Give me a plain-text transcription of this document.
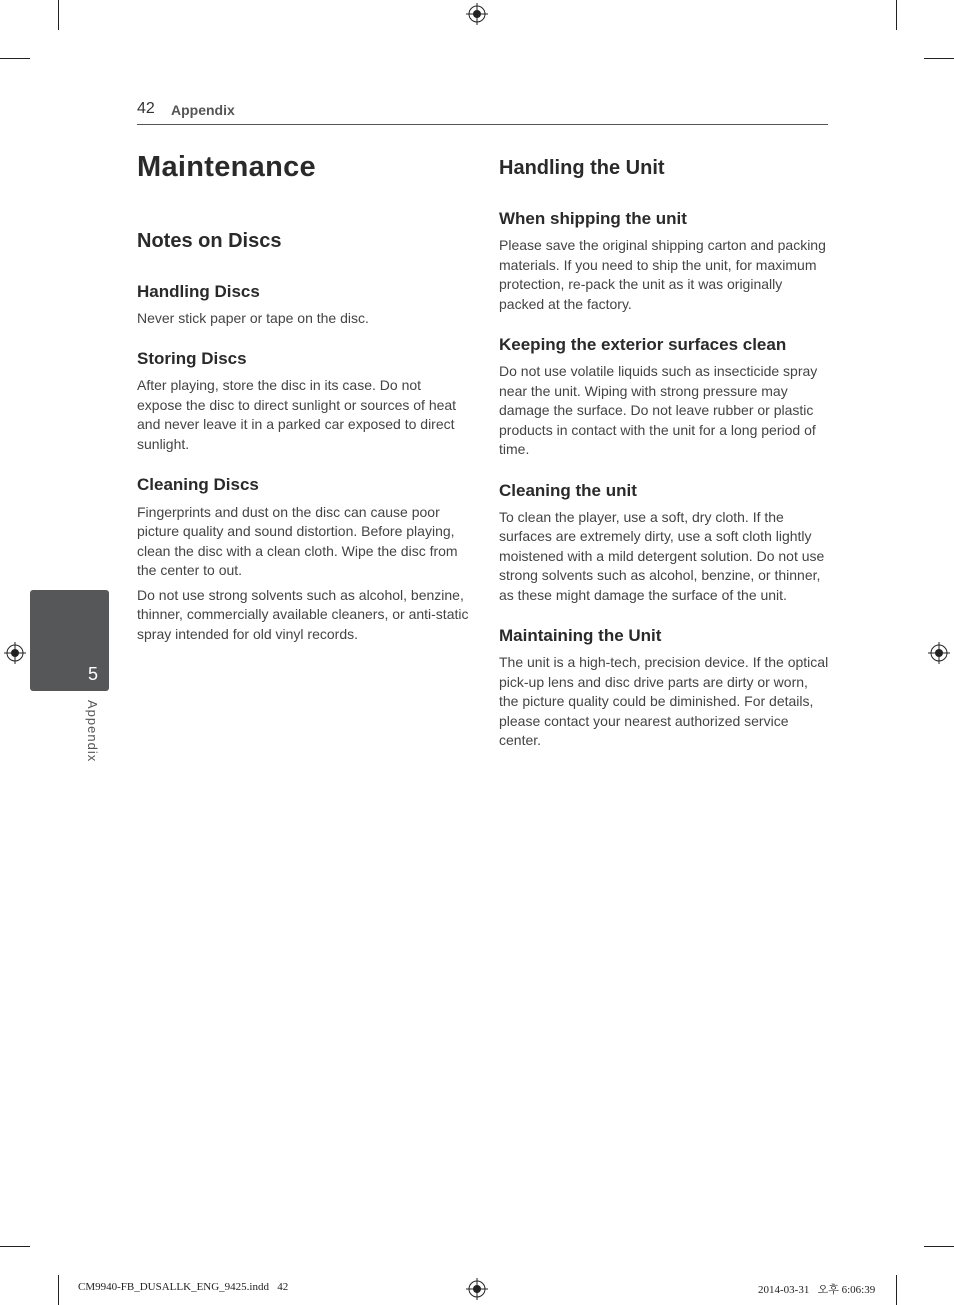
42 Appendix
5
Appendix
Maintenance
Notes on Discs
Handling Discs

Never stick paper or tape on the disc.

Storing Discs

After playing, store the disc in its case. Do not expose the disc to direct sunlight or sources of heat and never leave it in a parked car exposed to direct sunlight.

Cleaning Discs

Fingerprints and dust on the disc can cause poor picture quality and sound distortion. Before playing, clean the disc with a clean cloth. Wipe the disc from the center to out.

Do not use strong solvents such as alcohol, benzine, thinner, commercially available cleaners, or anti-static spray intended for old vinyl records.

Handling the Unit
When shipping the unit

Please save the original shipping carton and packing materials. If you need to ship the unit, for maximum protection, re-pack the unit as it was originally packed at the factory.

Keeping the exterior surfaces clean

Do not use volatile liquids such as insecticide spray near the unit. Wiping with strong pressure may damage the surface. Do not leave rubber or plastic products in contact with the unit for a long period of time.

Cleaning the unit

To clean the player, use a soft, dry cloth. If the surfaces are extremely dirty, use a soft cloth lightly moistened with a mild detergent solution. Do not use strong solvents such as alcohol, benzine, or thinner, as these might damage the surface of the unit.

Maintaining the Unit

The unit is a high-tech, precision device. If the optical pick-up lens and disc drive parts are dirty or worn, the picture quality could be diminished. For details, please contact your nearest authorized service center.

CM9940-FB_DUSALLK_ENG_9425.indd   42	2014-03-31   오후 6:06:39
